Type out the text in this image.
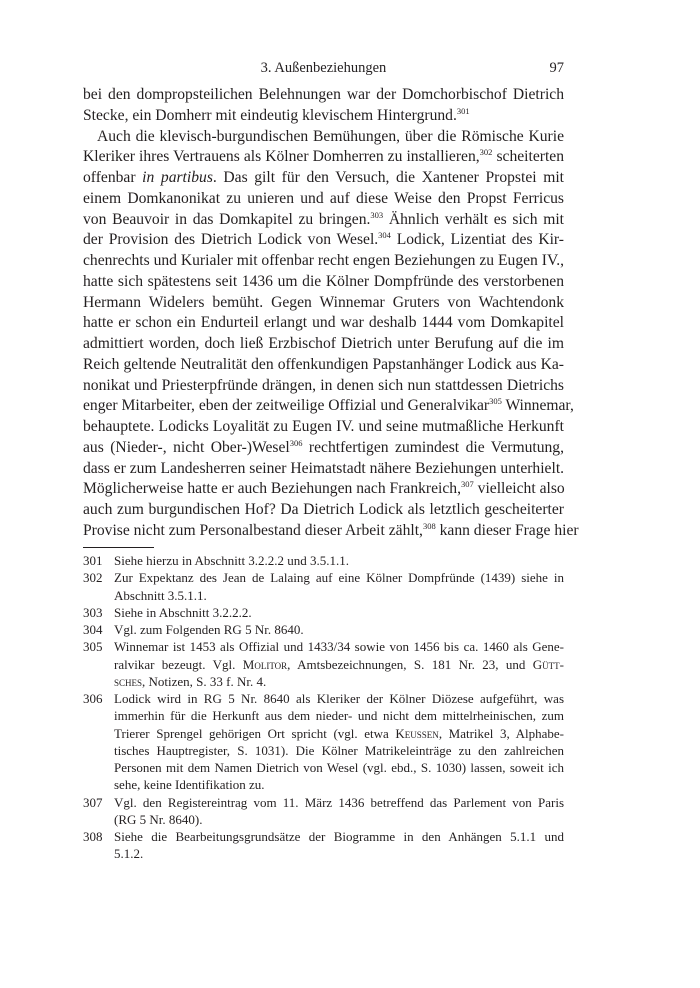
3. Außenbeziehungen	97
bei den dompropsteilichen Belehnungen war der Domchorbischof Dietrich
Stecke, ein Domherr mit eindeutig klevischem Hintergrund.$^{301}$
Auch die klevisch-burgundischen Bemühungen, über die Römische Kurie
Kleriker ihres Vertrauens als Kölner Domherren zu installieren,$^{302}$ scheiterten
offenbar in partibus. Das gilt für den Versuch, die Xantener Propstei mit
einem Domkanonikat zu unieren und auf diese Weise den Propst Ferricus
von Beauvoir in das Domkapitel zu bringen.$^{303}$ Ähnlich verhält es sich mit
der Provision des Dietrich Lodick von Wesel.$^{304}$ Lodick, Lizentiat des Kir-
chenrechts und Kurialer mit offenbar recht engen Beziehungen zu Eugen IV.,
hatte sich spätestens seit 1436 um die Kölner Dompfründe des verstorbenen
Hermann Widelers bemüht. Gegen Winnemar Gruters von Wachtendonk
hatte er schon ein Endurteil erlangt und war deshalb 1444 vom Domkapitel
admittiert worden, doch ließ Erzbischof Dietrich unter Berufung auf die im
Reich geltende Neutralität den offenkundigen Papstanhänger Lodick aus Ka-
nonikat und Priesterpfründe drängen, in denen sich nun stattdessen Dietrichs
enger Mitarbeiter, eben der zeitweilige Offizial und Generalvikar$^{305}$ Winnemar,
behauptete. Lodicks Loyalität zu Eugen IV. und seine mutmaßliche Herkunft
aus (Nieder-, nicht Ober-)Wesel$^{306}$ rechtfertigen zumindest die Vermutung,
dass er zum Landesherren seiner Heimatstadt nähere Beziehungen unterhielt.
Möglicherweise hatte er auch Beziehungen nach Frankreich,$^{307}$ vielleicht also
auch zum burgundischen Hof? Da Dietrich Lodick als letztlich gescheiterter
Provise nicht zum Personalbestand dieser Arbeit zählt,$^{308}$ kann dieser Frage hier
301 Siehe hierzu in Abschnitt 3.2.2.2 und 3.5.1.1.
302 Zur Expektanz des Jean de Lalaing auf eine Kölner Dompfründe (1439) siehe in
Abschnitt 3.5.1.1.
303 Siehe in Abschnitt 3.2.2.2.
304 Vgl. zum Folgenden RG 5 Nr. 8640.
305 Winnemar ist 1453 als Offizial und 1433/34 sowie von 1456 bis ca. 1460 als Gene-
ralvikar bezeugt. Vgl. Molitor, Amtsbezeichnungen, S. 181 Nr. 23, und Gütt-
sches, Notizen, S. 33 f. Nr. 4.
306 Lodick wird in RG 5 Nr. 8640 als Kleriker der Kölner Diözese aufgeführt, was
immerhin für die Herkunft aus dem nieder- und nicht dem mittelrheinischen, zum
Trierer Sprengel gehörigen Ort spricht (vgl. etwa Keussen, Matrikel 3, Alphabe-
tisches Hauptregister, S. 1031). Die Kölner Matrikeleinträge zu den zahlreichen
Personen mit dem Namen Dietrich von Wesel (vgl. ebd., S. 1030) lassen, soweit ich
sehe, keine Identifikation zu.
307 Vgl. den Registereintrag vom 11. März 1436 betreffend das Parlement von Paris
(RG 5 Nr. 8640).
308 Siehe die Bearbeitungsgrundsätze der Biogramme in den Anhängen 5.1.1 und
5.1.2.
